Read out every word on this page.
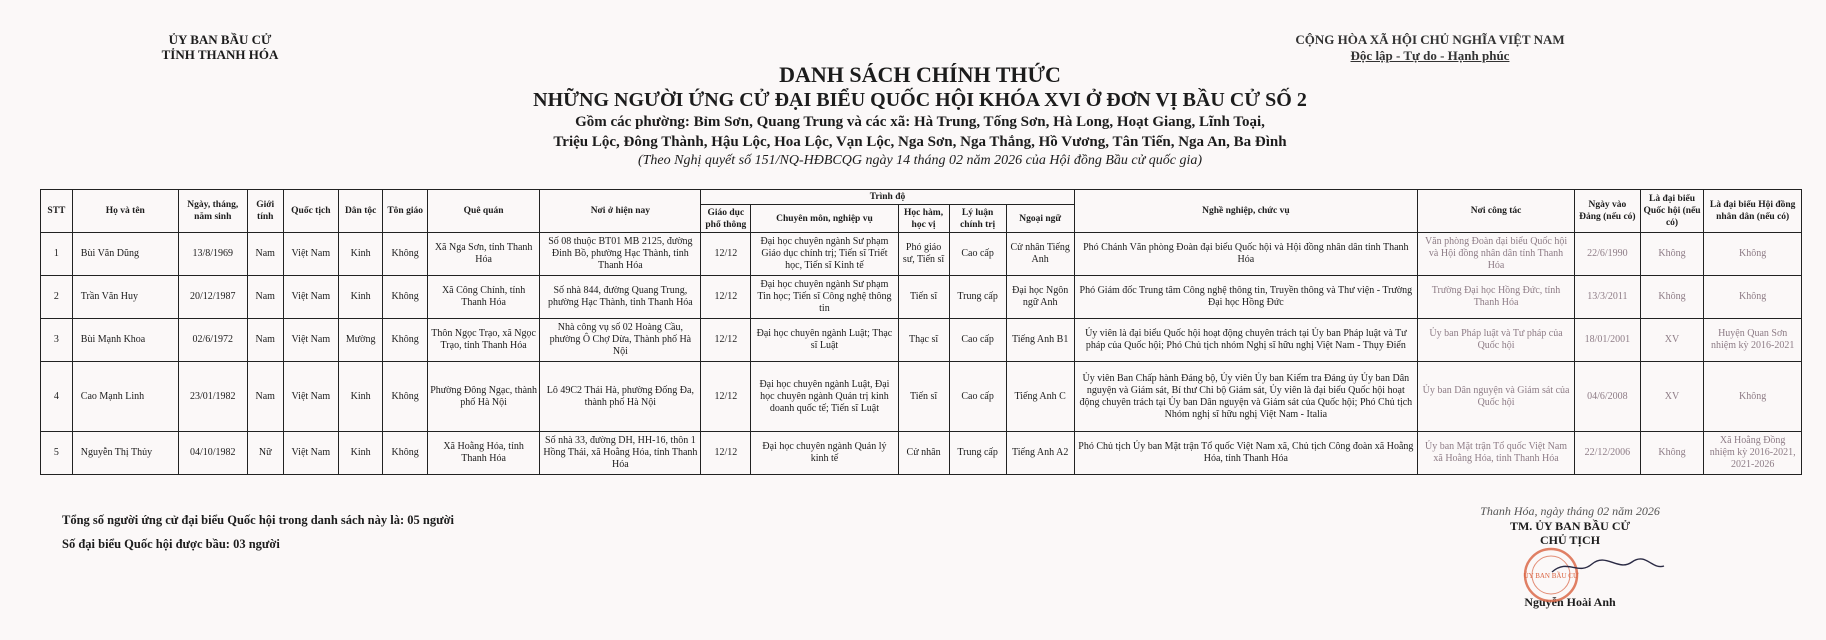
ỦY BAN BẦU CỬ
TỈNH THANH HÓA
CỘNG HÒA XÃ HỘI CHỦ NGHĨA VIỆT NAM
Độc lập - Tự do - Hạnh phúc
DANH SÁCH CHÍNH THỨC
NHỮNG NGƯỜI ỨNG CỬ ĐẠI BIỂU QUỐC HỘI KHÓA XVI Ở ĐƠN VỊ BẦU CỬ SỐ 2
Gồm các phường: Bỉm Sơn, Quang Trung và các xã: Hà Trung, Tống Sơn, Hà Long, Hoạt Giang, Lĩnh Toại,
Triệu Lộc, Đông Thành, Hậu Lộc, Hoa Lộc, Vạn Lộc, Nga Sơn, Nga Thắng, Hồ Vương, Tân Tiến, Nga An, Ba Đình
(Theo Nghị quyết số 151/NQ-HĐBCQG ngày 14 tháng 02 năm 2026 của Hội đồng Bầu cử quốc gia)
STT	Họ và tên	Ngày, tháng, năm sinh	Giới tính	Quốc tịch	Dân tộc	Tôn giáo	Quê quán	Nơi ở hiện nay	Trình độ					Nghề nghiệp, chức vụ	Nơi công tác	Ngày vào Đảng (nếu có)	Là đại biểu Quốc hội (nếu có)	Là đại biểu Hội đồng nhân dân (nếu có)
									Giáo dục phổ thông	Chuyên môn, nghiệp vụ	Học hàm, học vị	Lý luận chính trị	Ngoại ngữ					
1	Bùi Văn Dũng	13/8/1969	Nam	Việt Nam	Kinh	Không	Xã Nga Sơn, tỉnh Thanh Hóa	Số 08 thuộc BT01 MB 2125, đường Đinh Bồ, phường Hạc Thành, tỉnh Thanh Hóa	12/12	Đại học chuyên ngành Sư phạm Giáo dục chính trị; Tiến sĩ Triết học, Tiến sĩ Kinh tế	Phó giáo sư, Tiến sĩ	Cao cấp	Cử nhân Tiếng Anh	Phó Chánh Văn phòng Đoàn đại biểu Quốc hội và Hội đồng nhân dân tỉnh Thanh Hóa	Văn phòng Đoàn đại biểu Quốc hội và Hội đồng nhân dân tỉnh Thanh Hóa	22/6/1990	Không	Không
2	Trần Văn Huy	20/12/1987	Nam	Việt Nam	Kinh	Không	Xã Công Chính, tỉnh Thanh Hóa	Số nhà 844, đường Quang Trung, phường Hạc Thành, tỉnh Thanh Hóa	12/12	Đại học chuyên ngành Sư phạm Tin học; Tiến sĩ Công nghệ thông tin	Tiến sĩ	Trung cấp	Đại học Ngôn ngữ Anh	Phó Giám đốc Trung tâm Công nghệ thông tin, Truyền thông và Thư viện - Trường Đại học Hồng Đức	Trường Đại học Hồng Đức, tỉnh Thanh Hóa	13/3/2011	Không	Không
3	Bùi Mạnh Khoa	02/6/1972	Nam	Việt Nam	Mường	Không	Thôn Ngọc Trạo, xã Ngọc Trạo, tỉnh Thanh Hóa	Nhà công vụ số 02 Hoàng Cầu, phường Ô Chợ Dừa, Thành phố Hà Nội	12/12	Đại học chuyên ngành Luật; Thạc sĩ Luật	Thạc sĩ	Cao cấp	Tiếng Anh B1	Ủy viên là đại biểu Quốc hội hoạt động chuyên trách tại Ủy ban Pháp luật và Tư pháp của Quốc hội; Phó Chủ tịch nhóm Nghị sĩ hữu nghị Việt Nam - Thụy Điển	Ủy ban Pháp luật và Tư pháp của Quốc hội	18/01/2001	XV	Huyện Quan Sơn nhiệm kỳ 2016-2021
4	Cao Mạnh Linh	23/01/1982	Nam	Việt Nam	Kinh	Không	Phường Đông Ngạc, thành phố Hà Nội	Lô 49C2 Thái Hà, phường Đống Đa, thành phố Hà Nội	12/12	Đại học chuyên ngành Luật, Đại học chuyên ngành Quản trị kinh doanh quốc tế; Tiến sĩ Luật	Tiến sĩ	Cao cấp	Tiếng Anh C	Ủy viên Ban Chấp hành Đảng bộ, Ủy viên Ủy ban Kiểm tra Đảng ủy Ủy ban Dân nguyện và Giám sát, Bí thư Chi bộ Giám sát, Ủy viên là đại biểu Quốc hội hoạt động chuyên trách tại Ủy ban Dân nguyện và Giám sát của Quốc hội; Phó Chủ tịch Nhóm nghị sĩ hữu nghị Việt Nam - Italia	Ủy ban Dân nguyện và Giám sát của Quốc hội	04/6/2008	XV	Không
5	Nguyễn Thị Thủy	04/10/1982	Nữ	Việt Nam	Kinh	Không	Xã Hoằng Hóa, tỉnh Thanh Hóa	Số nhà 33, đường DH, HH-16, thôn 1 Hồng Thái, xã Hoằng Hóa, tỉnh Thanh Hóa	12/12	Đại học chuyên ngành Quản lý kinh tế	Cử nhân	Trung cấp	Tiếng Anh A2	Phó Chủ tịch Ủy ban Mặt trận Tổ quốc Việt Nam xã, Chủ tịch Công đoàn xã Hoằng Hóa, tỉnh Thanh Hóa	Ủy ban Mặt trận Tổ quốc Việt Nam xã Hoằng Hóa, tỉnh Thanh Hóa	22/12/2006	Không	Xã Hoằng Đồng nhiệm kỳ 2016-2021, 2021-2026
Tổng số người ứng cử đại biểu Quốc hội trong danh sách này là: 05 người
Số đại biểu Quốc hội được bầu: 03 người
Thanh Hóa, ngày tháng 02 năm 2026
TM. ỦY BAN BẦU CỬ
CHỦ TỊCH
Nguyễn Hoài Anh
ỦY BAN BẦU CỬ
